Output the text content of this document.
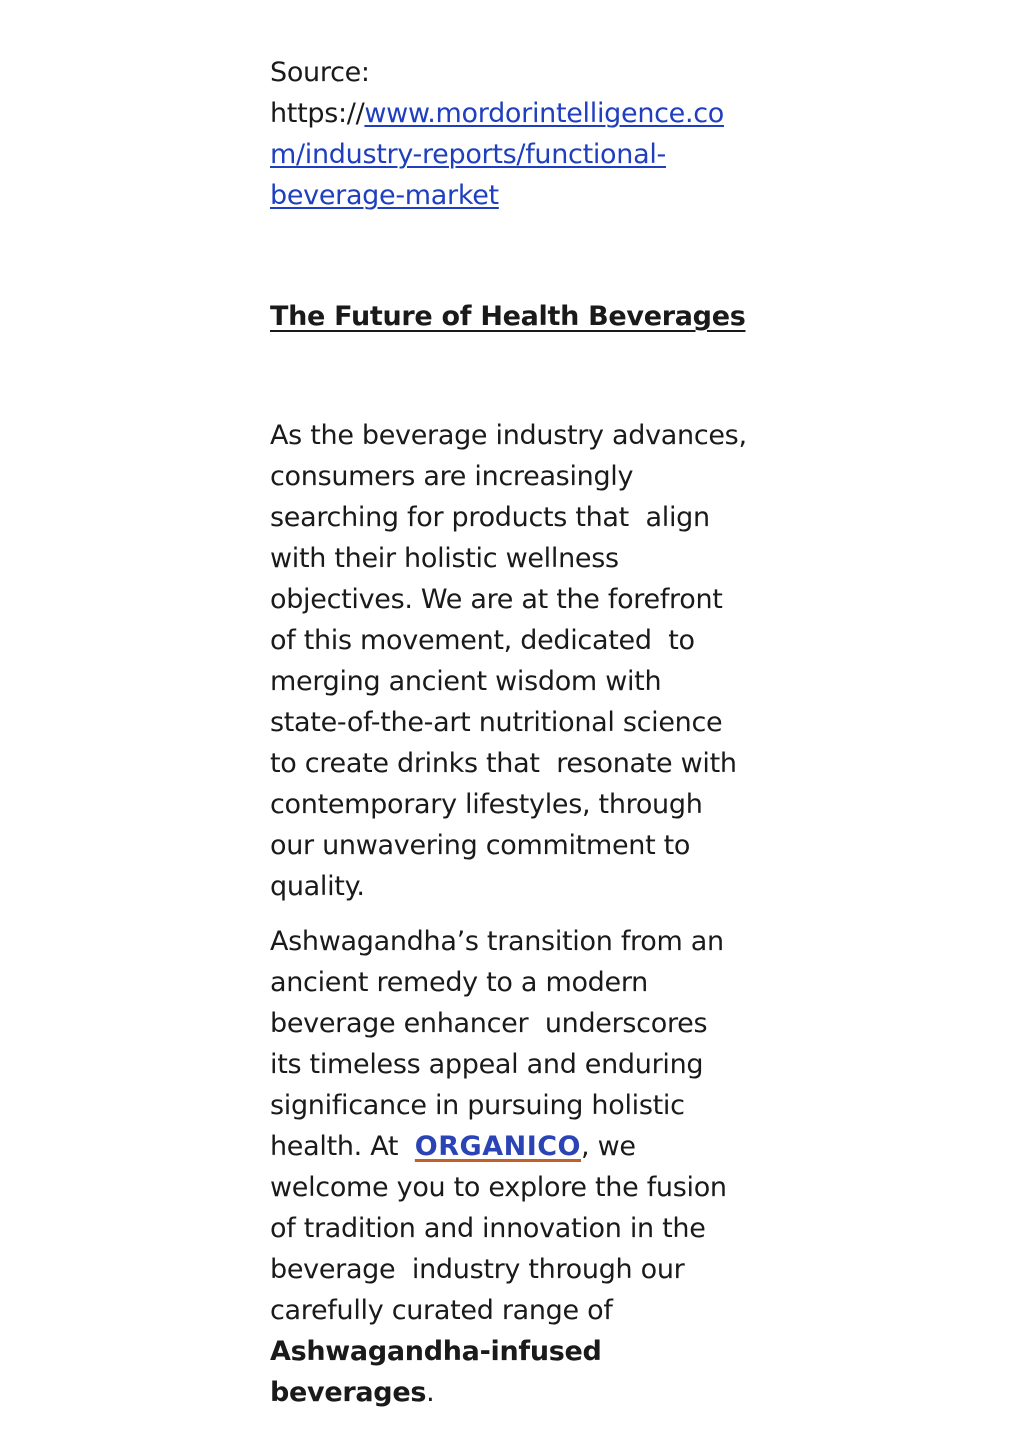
Source:
https://www.mordorintelligence.co
m/industry-reports/functional-
beverage-market
The Future of Health Beverages
As the beverage industry advances,
consumers are increasingly
searching for products that  align
with their holistic wellness
objectives. We are at the forefront
of this movement, dedicated  to
merging ancient wisdom with
state-of-the-art nutritional science
to create drinks that  resonate with
contemporary lifestyles, through
our unwavering commitment to
quality.
Ashwagandha’s transition from an
ancient remedy to a modern
beverage enhancer  underscores
its timeless appeal and enduring
significance in pursuing holistic
health. At  ORGANICO, we
welcome you to explore the fusion
of tradition and innovation in the
beverage  industry through our
carefully curated range of
Ashwagandha-infused
beverages.
